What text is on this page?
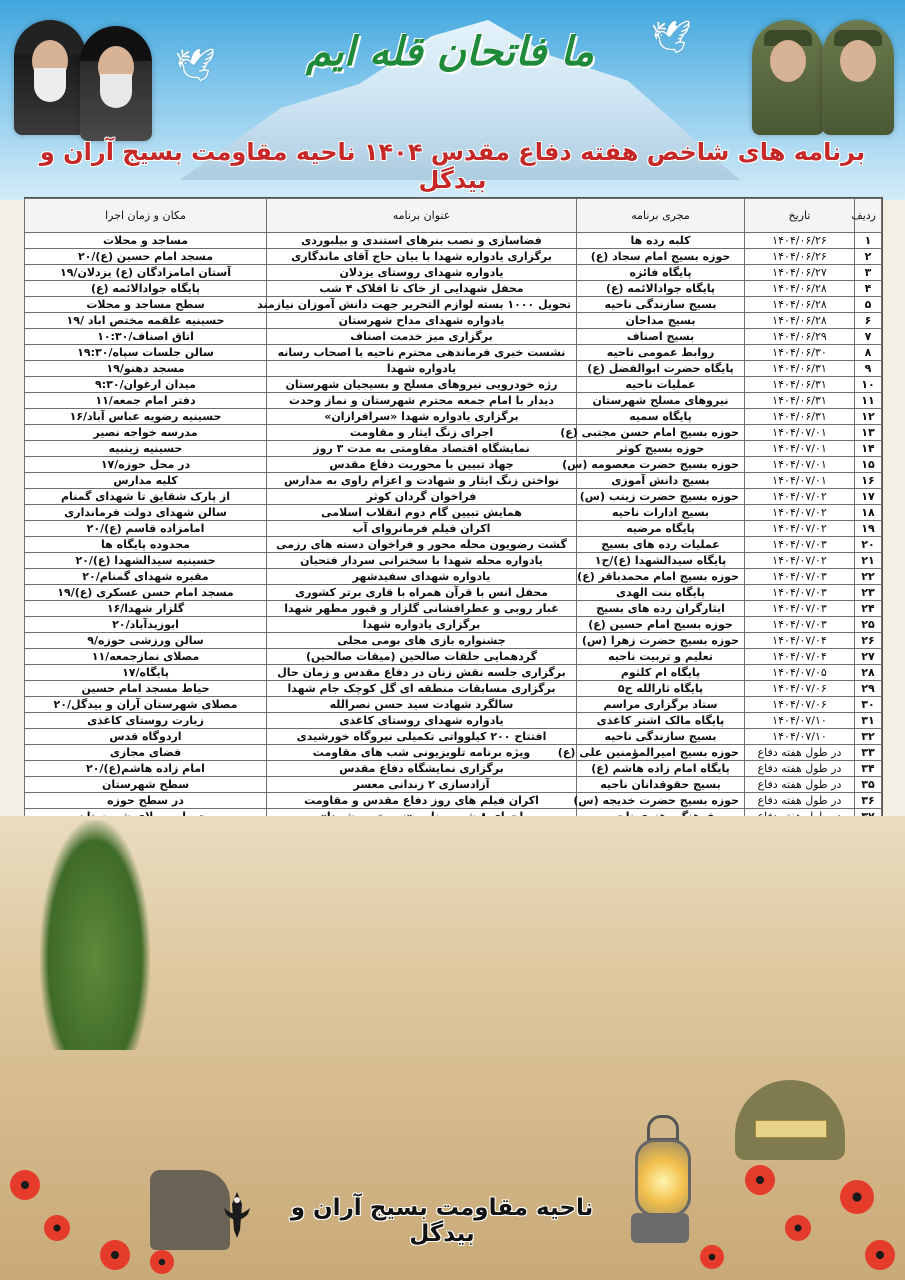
🕊
🕊
ما فاتحان قله ایم
برنامه های شاخص هفته دفاع مقدس ۱۴۰۴ ناحیه مقاومت بسیج آران و بیدگل
ردیف	تاریخ	مجری برنامه	عنوان برنامه	مکان و زمان اجرا
۱	۱۴۰۴/۰۶/۲۶	کلبه رده ها	فضاسازی و نصب بنرهای استندی و بیلبوردی	مساجد و محلات
۲	۱۴۰۴/۰۶/۲۶	حوزه بسیج امام سجاد (ع)	برگزاری یادواره شهدا با بیان حاج آقای ماندگاری	مسجد امام حسین (ع)/۲۰
۳	۱۴۰۴/۰۶/۲۷	پایگاه فائزه	یادواره شهدای روستای یزدلان	آستان امامزادگان (ع) یزدلان/۱۹
۴	۱۴۰۴/۰۶/۲۸	پایگاه جوادالائمه (ع)	محفل شهدایی از خاک تا افلاک ۴ شب	پایگاه جوادالائمه (ع)
۵	۱۴۰۴/۰۶/۲۸	بسیج سازندگی ناحیه	تحویل ۱۰۰۰ بسته لوازم التحریر جهت دانش آموزان نیازمند	سطح مساجد و محلات
۶	۱۴۰۴/۰۶/۲۸	بسیج مداحان	یادواره شهدای مداح شهرستان	حسینیه علقمه مختص اباد /۱۹
۷	۱۴۰۴/۰۶/۲۹	بسیج اصناف	برگزاری میز خدمت اصناف	اتاق اصناف/۱۰:۳۰
۸	۱۴۰۴/۰۶/۳۰	روابط عمومی ناحیه	نشست خبری فرماندهی محترم ناحیه با اصحاب رسانه	سالن جلسات سپاه/۱۹:۳۰
۹	۱۴۰۴/۰۶/۳۱	پایگاه حضرت ابوالفضل (ع)	یادواره شهدا	مسجد دهنو/۱۹
۱۰	۱۴۰۴/۰۶/۳۱	عملیات ناحیه	رژه خودرویی نیروهای مسلح و بسیجیان شهرستان	میدان ارغوان/۹:۳۰
۱۱	۱۴۰۴/۰۶/۳۱	نیروهای مسلح شهرستان	دیدار با امام جمعه محترم شهرستان و نماز وحدت	دفتر امام جمعه/۱۱
۱۲	۱۴۰۴/۰۶/۳۱	پایگاه سمیه	برگزاری یادواره شهدا «سرافرازان»	حسینیه رضویه عباس آباد/۱۶
۱۳	۱۴۰۴/۰۷/۰۱	حوزه بسیج امام حسن مجتبی (ع)	اجرای زنگ ایثار و مقاومت	مدرسه خواجه نصیر
۱۴	۱۴۰۴/۰۷/۰۱	حوزه بسیج کوثر	نمایشگاه اقتصاد مقاومتی به مدت ۳ روز	حسینیه زینبیه
۱۵	۱۴۰۴/۰۷/۰۱	حوزه بسیج حضرت معصومه (س)	جهاد تبیین با محوریت دفاع مقدس	در محل حوزه/۱۷
۱۶	۱۴۰۴/۰۷/۰۱	بسیج دانش آموزی	نواختن زنگ ایثار و شهادت و اعزام راوی به مدارس	کلیه مدارس
۱۷	۱۴۰۴/۰۷/۰۲	حوزه بسیج حضرت زینب (س)	فراخوان گردان کوثر	از پارک شقایق تا شهدای گمنام
۱۸	۱۴۰۴/۰۷/۰۲	بسیج ادارات ناحیه	همایش تبیین گام دوم انقلاب اسلامی	سالن شهدای دولت فرمانداری
۱۹	۱۴۰۴/۰۷/۰۲	پایگاه مرضیه	اکران فیلم فرمانروای آب	امامزاده قاسم (ع)/۲۰
۲۰	۱۴۰۴/۰۷/۰۳	عملیات رده های بسیج	گشت رضویون محله محور و فراخوان دسته های رزمی	محدوده پایگاه ها
۲۱	۱۴۰۴/۰۷/۰۲	پایگاه سیدالشهدا (ع)/ح۱	یادواره محله شهدا با سخنرانی سردار فتحیان	حسینیه سیدالشهدا (ع)/۲۰
۲۲	۱۴۰۴/۰۷/۰۳	حوزه بسیج امام محمدباقر (ع)	یادواره شهدای سفیدشهر	مقبره شهدای گمنام/۲۰
۲۳	۱۴۰۴/۰۷/۰۳	پایگاه بنت الهدی	محفل انس با قرآن همراه با قاری برتر کشوری	مسجد امام حسن عسکری (ع)/۱۹
۲۴	۱۴۰۴/۰۷/۰۳	ایثارگران رده های بسیج	غبار روبی و عطرافشانی گلزار و قبور مطهر شهدا	گلزار شهدا/۱۶
۲۵	۱۴۰۴/۰۷/۰۳	حوزه بسیج امام حسین (ع)	برگزاری یادواره شهدا	ابوزیدآباد/۲۰
۲۶	۱۴۰۴/۰۷/۰۴	حوزه بسیج حضرت زهرا (س)	جشنواره بازی های بومی محلی	سالن ورزشی حوزه/۹
۲۷	۱۴۰۴/۰۷/۰۴	تعلیم و تربیت ناحیه	گردهمایی حلقات صالحین (میقات صالحین)	مصلای نمازجمعه/۱۱
۲۸	۱۴۰۴/۰۷/۰۵	پایگاه ام کلثوم	برگزاری جلسه نقش زنان در دفاع مقدس و زمان حال	پایگاه/۱۷
۲۹	۱۴۰۴/۰۷/۰۶	پایگاه ثارالله ح۵	برگزاری مسابقات منطقه ای گل کوچک جام شهدا	حیاط مسجد امام حسین
۳۰	۱۴۰۴/۰۷/۰۶	ستاد برگزاری مراسم	سالگرد شهادت سید حسن نصرالله	مصلای شهرستان آران و بیدگل/۲۰
۳۱	۱۴۰۴/۰۷/۱۰	پایگاه مالک اشتر کاغذی	یادواره شهدای روستای کاغذی	زیارت روستای کاغذی
۳۲	۱۴۰۴/۰۷/۱۰	بسیج سازندگی ناحیه	افتتاح ۲۰۰ کیلوواتی تکمیلی نیروگاه خورشیدی	اردوگاه قدس
۳۳	در طول هفته دفاع	حوزه بسیج امیرالمؤمنین علی (ع)	ویژه برنامه تلویزیونی شب های مقاومت	فضای مجازی
۳۴	در طول هفته دفاع	پایگاه امام زاده هاشم (ع)	برگزاری نمایشگاه دفاع مقدس	امام زاده هاشم(ع)/۲۰
۳۵	در طول هفته دفاع	بسیج حقوقدانان ناحیه	آزادسازی ۲ زندانی معسر	سطح شهرستان
۳۶	در طول هفته دفاع	حوزه بسیج حضرت خدیجه (س)	اکران فیلم های روز دفاع مقدس و مقاومت	در سطح حوزه

ناحیه مقاومت بسیج آران و بیدگل
